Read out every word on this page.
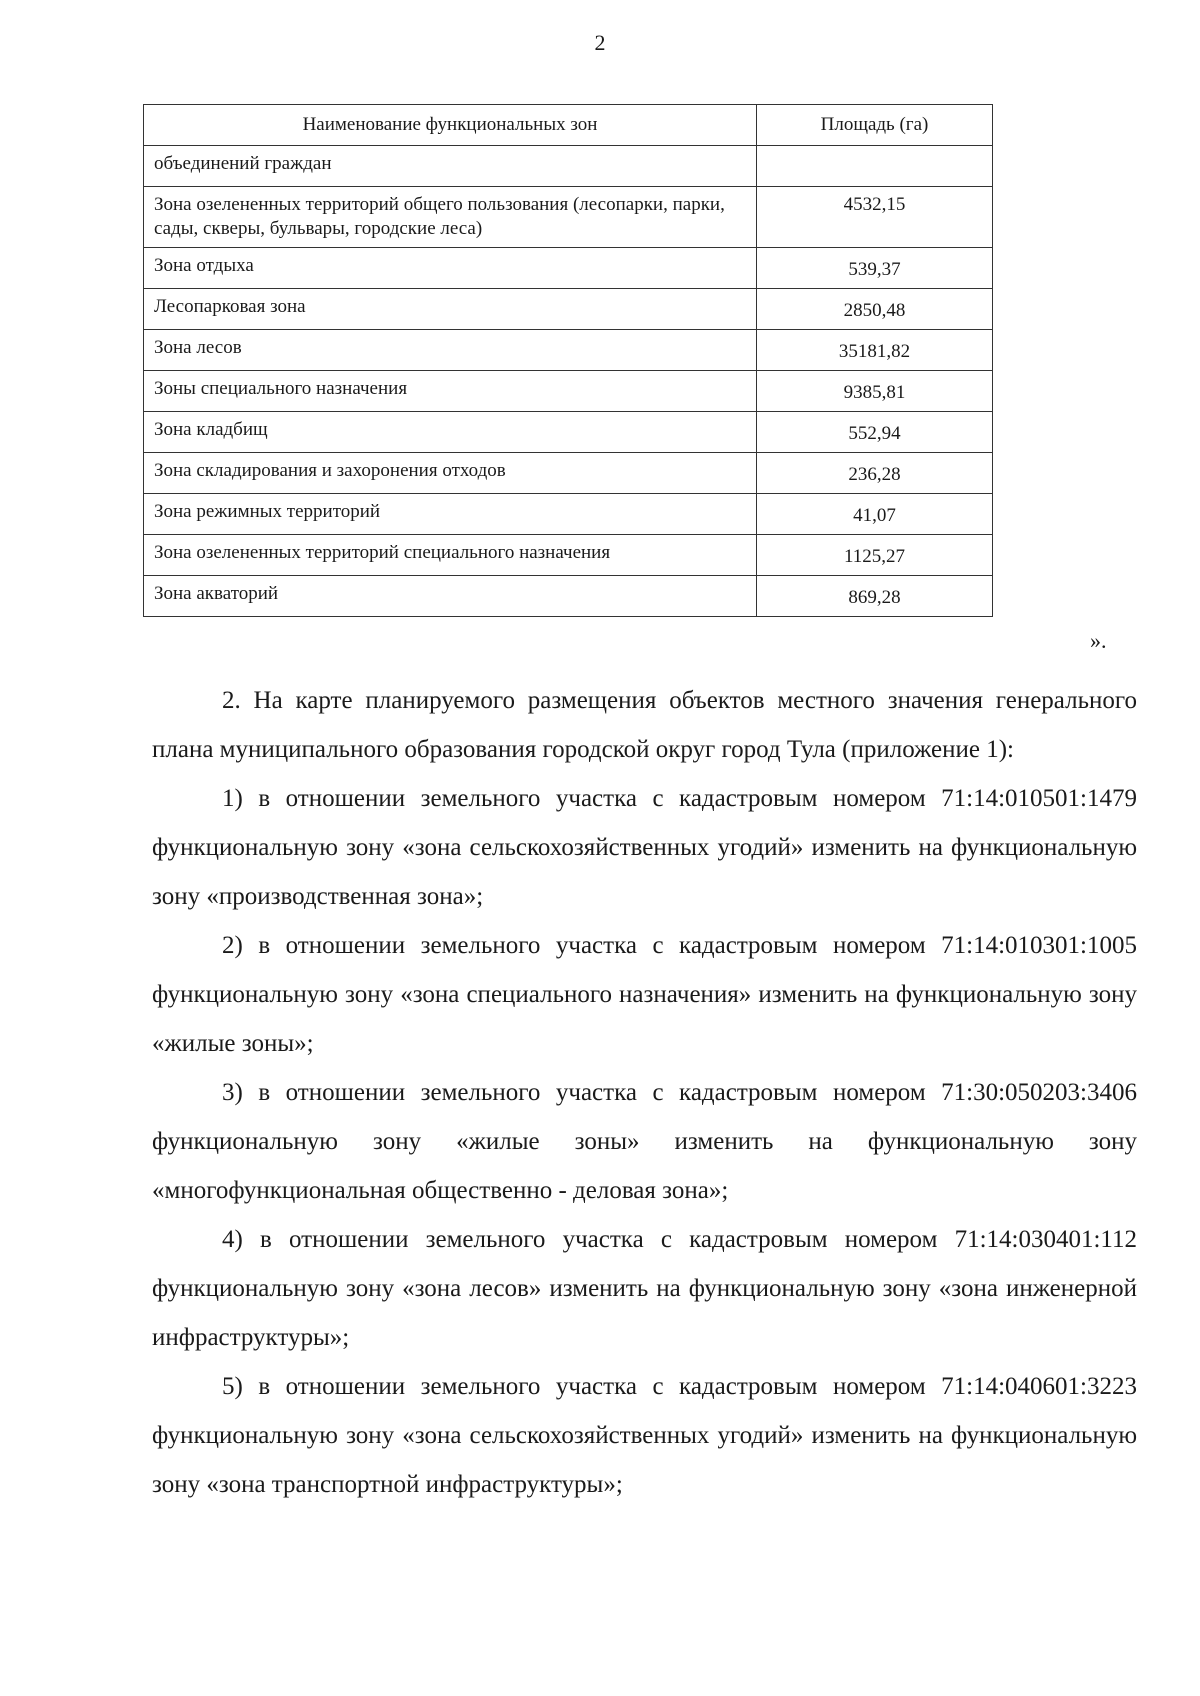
2
Наименование функциональных зон	Площадь (га)
объединений граждан	
Зона озелененных территорий общего пользования (лесопарки, парки, сады, скверы, бульвары, городские леса)	4532,15
Зона отдыха	539,37
Лесопарковая зона	2850,48
Зона лесов	35181,82
Зоны специального назначения	9385,81
Зона кладбищ	552,94
Зона складирования и захоронения отходов	236,28
Зона режимных территорий	41,07
Зона озелененных территорий специального назначения	1125,27
Зона акваторий	869,28
».

2. На карте планируемого размещения объектов местного значения генерального плана муниципального образования городской округ город Тула (приложение 1):

1) в отношении земельного участка с кадастровым номером 71:14:010501:1479 функциональную зону «зона сельскохозяйственных угодий» изменить на функциональную зону «производственная зона»;

2) в отношении земельного участка с кадастровым номером 71:14:010301:1005 функциональную зону «зона специального назначения» изменить на функциональную зону «жилые зоны»;

3) в отношении земельного участка с кадастровым номером 71:30:050203:3406 функциональную зону «жилые зоны» изменить на функциональную зону «многофункциональная общественно - деловая зона»;

4) в отношении земельного участка с кадастровым номером 71:14:030401:112 функциональную зону «зона лесов» изменить на функциональную зону «зона инженерной инфраструктуры»;

5) в отношении земельного участка с кадастровым номером 71:14:040601:3223 функциональную зону «зона сельскохозяйственных угодий» изменить на функциональную зону «зона транспортной инфраструктуры»;
